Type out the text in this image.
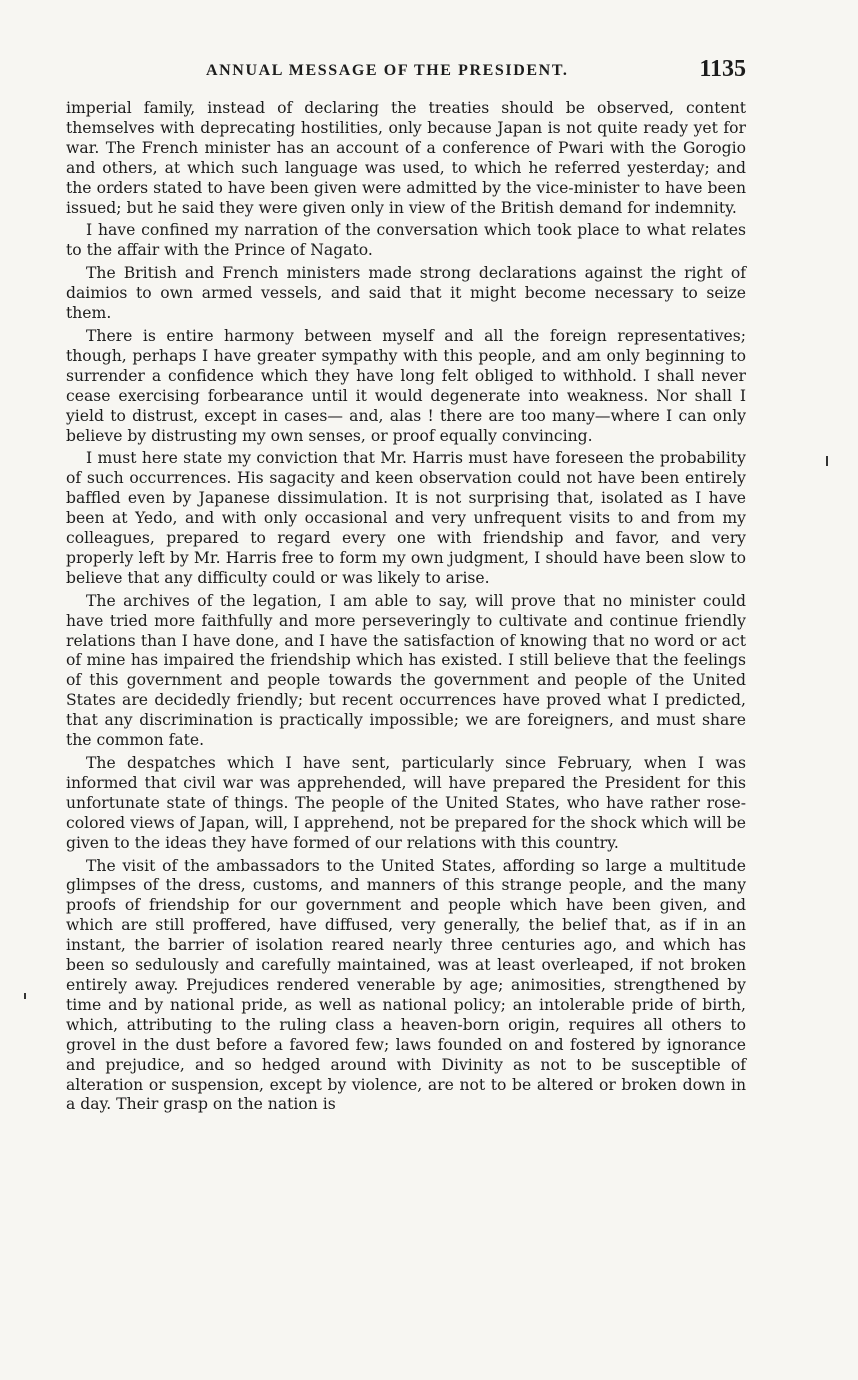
ANNUAL MESSAGE OF THE PRESIDENT.	1135

imperial family, instead of declaring the treaties should be observed, content themselves with deprecating hostilities, only because Japan is not quite ready yet for war. The French minister has an account of a conference of Pwari with the Gorogio and others, at which such language was used, to which he referred yesterday; and the orders stated to have been given were admitted by the vice-minister to have been issued; but he said they were given only in view of the British demand for indemnity.

I have confined my narration of the conversation which took place to what relates to the affair with the Prince of Nagato.

The British and French ministers made strong declarations against the right of daimios to own armed vessels, and said that it might become necessary to seize them.

There is entire harmony between myself and all the foreign representatives; though, perhaps I have greater sympathy with this people, and am only beginning to surrender a confidence which they have long felt obliged to withhold. I shall never cease exercising forbearance until it would degenerate into weakness. Nor shall I yield to distrust, except in cases— and, alas ! there are too many—where I can only believe by distrusting my own senses, or proof equally convincing.

I must here state my conviction that Mr. Harris must have foreseen the probability of such occurrences. His sagacity and keen observation could not have been entirely baffled even by Japanese dissimulation. It is not surprising that, isolated as I have been at Yedo, and with only occasional and very unfrequent visits to and from my colleagues, prepared to regard every one with friendship and favor, and very properly left by Mr. Harris free to form my own judgment, I should have been slow to believe that any difficulty could or was likely to arise.

The archives of the legation, I am able to say, will prove that no minister could have tried more faithfully and more perseveringly to cultivate and continue friendly relations than I have done, and I have the satisfaction of knowing that no word or act of mine has impaired the friendship which has existed. I still believe that the feelings of this government and people towards the government and people of the United States are decidedly friendly; but recent occurrences have proved what I predicted, that any discrimination is practically impossible; we are foreigners, and must share the common fate.

The despatches which I have sent, particularly since February, when I was informed that civil war was apprehended, will have prepared the President for this unfortunate state of things. The people of the United States, who have rather rose-colored views of Japan, will, I apprehend, not be prepared for the shock which will be given to the ideas they have formed of our relations with this country.

The visit of the ambassadors to the United States, affording so large a multitude glimpses of the dress, customs, and manners of this strange people, and the many proofs of friendship for our government and people which have been given, and which are still proffered, have diffused, very generally, the belief that, as if in an instant, the barrier of isolation reared nearly three centuries ago, and which has been so sedulously and carefully maintained, was at least overleaped, if not broken entirely away. Prejudices rendered venerable by age; animosities, strengthened by time and by national pride, as well as national policy; an intolerable pride of birth, which, attributing to the ruling class a heaven-born origin, requires all others to grovel in the dust before a favored few; laws founded on and fostered by ignorance and prejudice, and so hedged around with Divinity as not to be susceptible of alteration or suspension, except by violence, are not to be altered or broken down in a day. Their grasp on the nation is
